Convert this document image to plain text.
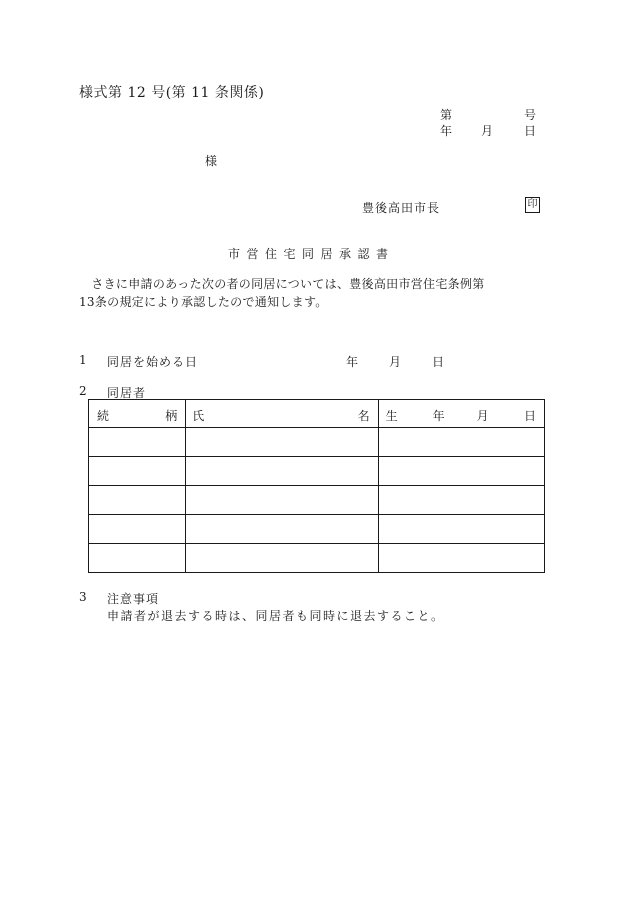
様式第 12 号(第 11 条関係)
第	号
年 月	日
様
豊後高田市長	印
市営住宅同居承認書
　さきに申請のあった次の者の同居については、豊後高田市営住宅条例第
13条の規定により承認したので通知します。
1 同居を始める日	年	月	日
2 同居者
続 柄	氏 名	生 年 月 日

3 注意事項
申請者が退去する時は、同居者も同時に退去すること。
